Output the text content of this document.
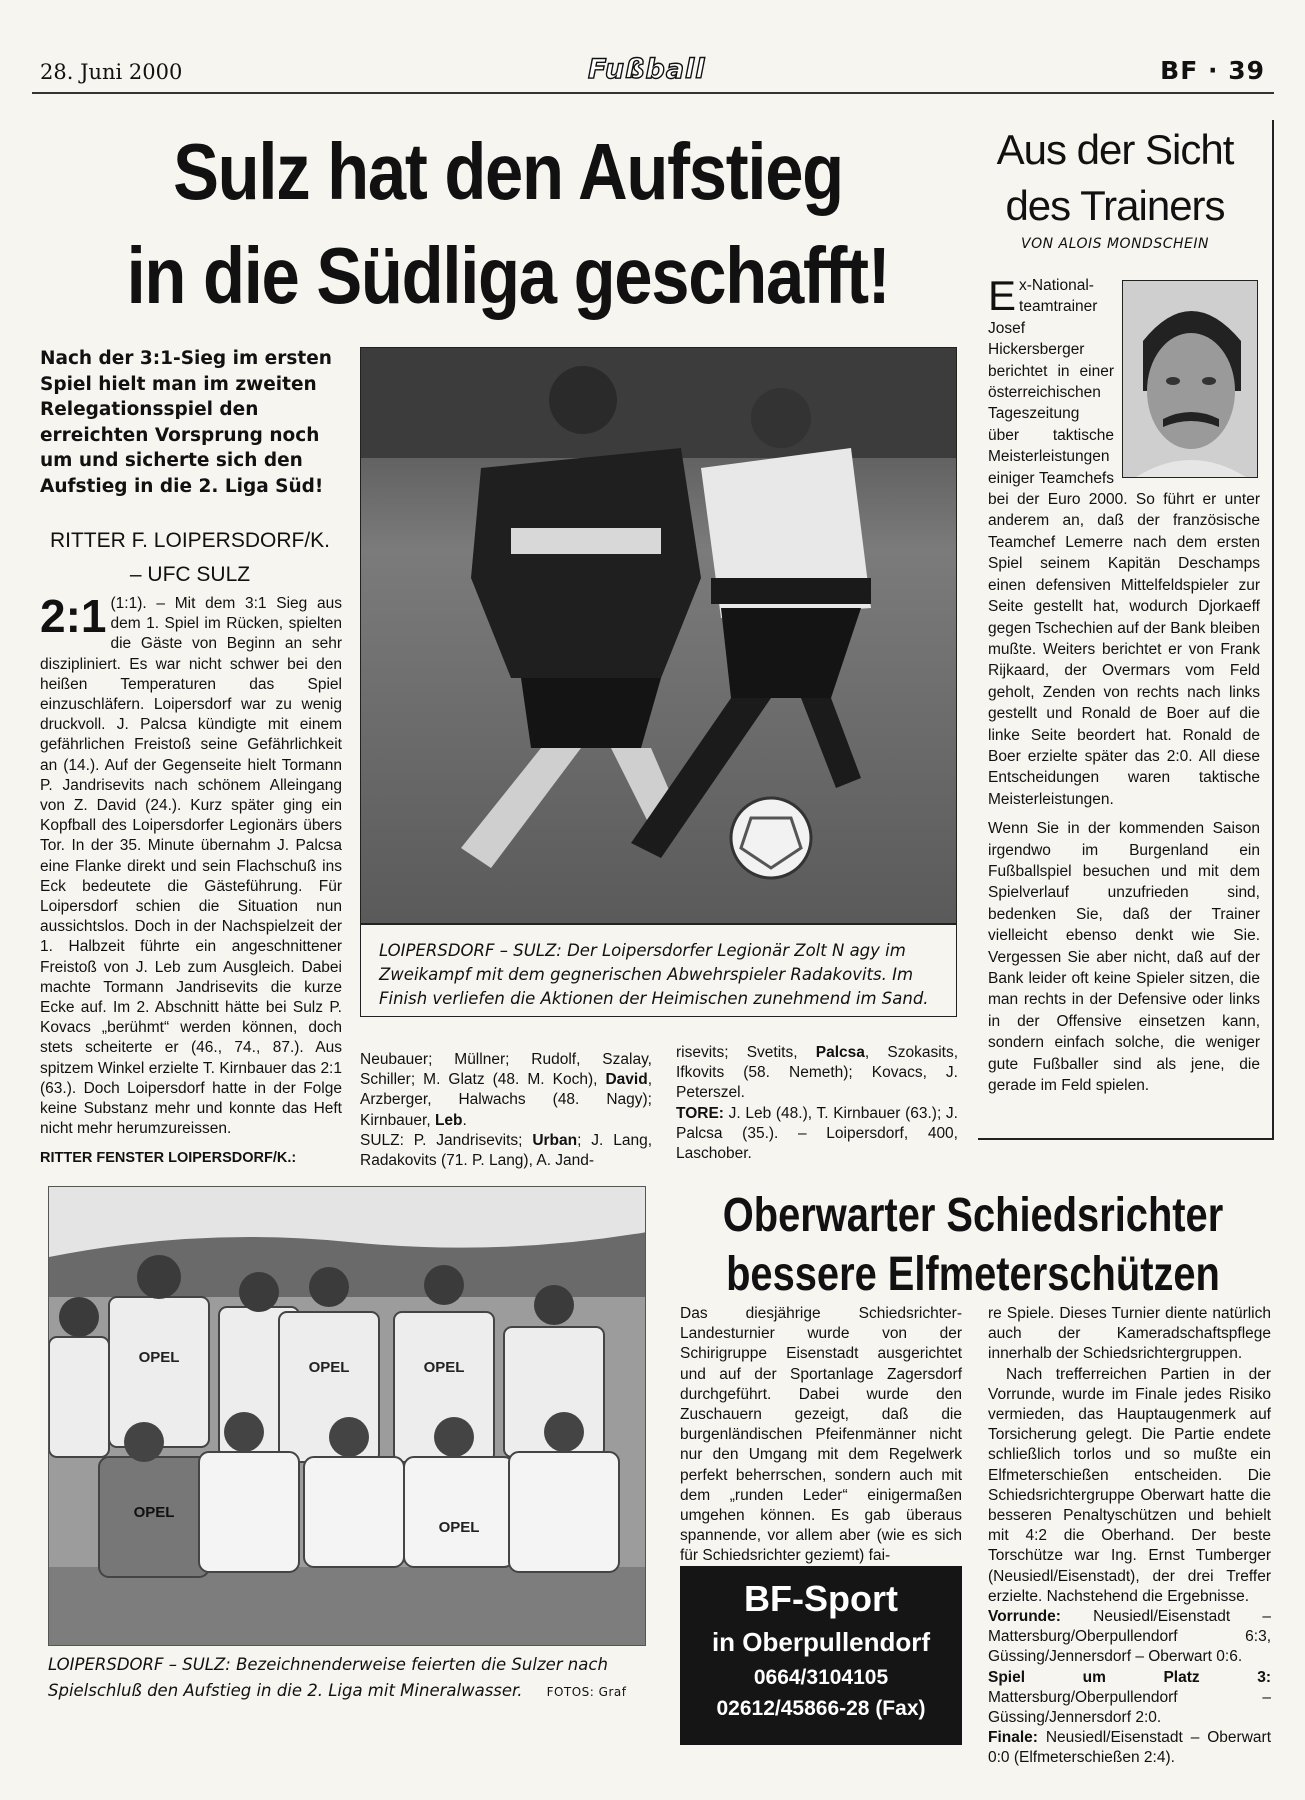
28. Juni 2000	Fußball	BF · 39
Sulz hat den Aufstieg
in die Südliga geschafft!
Nach der 3:1-Sieg im ersten Spiel hielt man im zweiten Relegationsspiel den erreichten Vorsprung noch um und sicherte sich den Aufstieg in die 2. Liga Süd!
RITTER F. LOIPERSDORF/K.
– UFC SULZ
2:1 (1:1). – Mit dem 3:1 Sieg aus dem 1. Spiel im Rücken, spielten die Gäste von Beginn an sehr diszipliniert. Es war nicht schwer bei den heißen Temperaturen das Spiel einzuschläfern. Loipersdorf war zu wenig druckvoll. J. Palcsa kündigte mit einem gefährlichen Freistoß seine Gefährlichkeit an (14.). Auf der Gegenseite hielt Tormann P. Jandrisevits nach schönem Alleingang von Z. David (24.). Kurz später ging ein Kopfball des Loipersdorfer Legionärs übers Tor. In der 35. Minute übernahm J. Palcsa eine Flanke direkt und sein Flachschuß ins Eck bedeutete die Gästeführung. Für Loipersdorf schien die Situation nun aussichtslos. Doch in der Nachspielzeit der 1. Halbzeit führte ein angeschnittener Freistoß von J. Leb zum Ausgleich. Dabei machte Tormann Jandrisevits die kurze Ecke auf. Im 2. Abschnitt hätte bei Sulz P. Kovacs „berühmt“ werden können, doch stets scheiterte er (46., 74., 87.). Aus spitzem Winkel erzielte T. Kirnbauer das 2:1 (63.). Doch Loipersdorf hatte in der Folge keine Substanz mehr und konnte das Heft nicht mehr herumzureissen.
RITTER FENSTER LOIPERSDORF/K.:
LOIPERSDORF – SULZ: Der Loipersdorfer Legionär Zolt N agy im Zweikampf mit dem gegnerischen Abwehrspieler Radakovits. Im Finish verliefen die Aktionen der Heimischen zunehmend im Sand.
Neubauer; Müllner; Rudolf, Szalay, Schiller; M. Glatz (48. M. Koch), David, Arzberger, Halwachs (48. Nagy); Kirnbauer, Leb.
SULZ: P. Jandrisevits; Urban; J. Lang, Radakovits (71. P. Lang), A. Jand-
risevits; Svetits, Palcsa, Szokasits, Ifkovits (58. Nemeth); Kovacs, J. Peterszel.
TORE: J. Leb (48.), T. Kirnbauer (63.); J. Palcsa (35.). – Loipersdorf, 400, Laschober.
Aus der Sicht
des Trainers
VON ALOIS MONDSCHEIN

Ex-National-teamtrainer Josef Hickersberger berichtet in einer österreichischen Tageszeitung über taktische Meisterleistungen einiger Teamchefs bei der Euro 2000. So führt er unter anderem an, daß der französische Teamchef Lemerre nach dem ersten Spiel seinem Kapitän Deschamps einen defensiven Mittelfeldspieler zur Seite gestellt hat, wodurch Djorkaeff gegen Tschechien auf der Bank bleiben mußte. Weiters berichtet er von Frank Rijkaard, der Overmars vom Feld geholt, Zenden von rechts nach links gestellt und Ronald de Boer auf die linke Seite beordert hat. Ronald de Boer erzielte später das 2:0. All diese Entscheidungen waren taktische Meisterleistungen.

Wenn Sie in der kommenden Saison irgendwo im Burgenland ein Fußballspiel besuchen und mit dem Spielverlauf unzufrieden sind, bedenken Sie, daß der Trainer vielleicht ebenso denkt wie Sie. Vergessen Sie aber nicht, daß auf der Bank leider oft keine Spieler sitzen, die man rechts in der Defensive oder links in der Offensive einsetzen kann, sondern einfach solche, die weniger gute Fußballer sind als jene, die gerade im Feld spielen.

OPEL
OPEL	OPEL
OPEL
OPEL
LOIPERSDORF – SULZ: Bezeichnenderweise feierten die Sulzer nach Spielschluß den Aufstieg in die 2. Liga mit Mineralwasser. FOTOS: Graf
Oberwarter Schiedsrichter
bessere Elfmeterschützen
Das diesjährige Schiedsrichter-Landesturnier wurde von der Schirigruppe Eisenstadt ausgerichtet und auf der Sportanlage Zagersdorf durchgeführt. Dabei wurde den Zuschauern gezeigt, daß die burgenländischen Pfeifenmänner nicht nur den Umgang mit dem Regelwerk perfekt beherrschen, sondern auch mit dem „runden Leder“ einigermaßen umgehen können. Es gab überaus spannende, vor allem aber (wie es sich für Schiedsrichter geziemt) fai-

re Spiele. Dieses Turnier diente natürlich auch der Kameradschaftspflege innerhalb der Schiedsrichtergruppen.

Nach trefferreichen Partien in der Vorrunde, wurde im Finale jedes Risiko vermieden, das Hauptaugenmerk auf Torsicherung gelegt. Die Partie endete schließlich torlos und so mußte ein Elfmeterschießen entscheiden. Die Schiedsrichtergruppe Oberwart hatte die besseren Penaltyschützen und behielt mit 4:2 die Oberhand. Der beste Torschütze war Ing. Ernst Tumberger (Neusiedl/Eisenstadt), der drei Treffer erzielte. Nachstehend die Ergebnisse.

Vorrunde: Neusiedl/Eisenstadt – Mattersburg/Oberpullendorf 6:3, Güssing/Jennersdorf – Oberwart 0:6.

Spiel um Platz 3: Mattersburg/Oberpullendorf – Güssing/Jennersdorf 2:0.

Finale: Neusiedl/Eisenstadt – Oberwart 0:0 (Elfmeterschießen 2:4).

BF-Sport
in Oberpullendorf
0664/3104105
02612/45866-28 (Fax)
